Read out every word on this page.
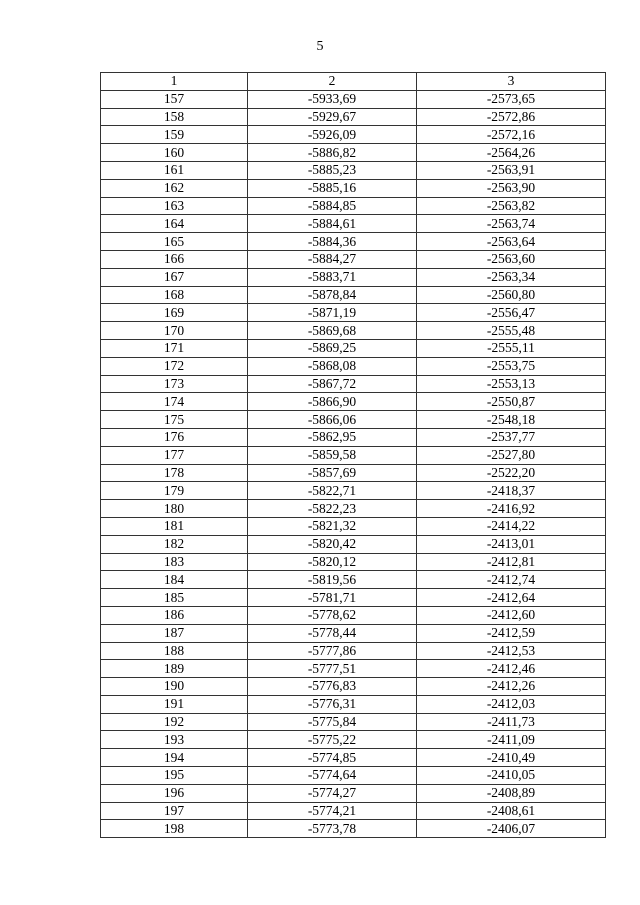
5
1	2	3
157	-5933,69	-2573,65
158	-5929,67	-2572,86
159	-5926,09	-2572,16
160	-5886,82	-2564,26
161	-5885,23	-2563,91
162	-5885,16	-2563,90
163	-5884,85	-2563,82
164	-5884,61	-2563,74
165	-5884,36	-2563,64
166	-5884,27	-2563,60
167	-5883,71	-2563,34
168	-5878,84	-2560,80
169	-5871,19	-2556,47
170	-5869,68	-2555,48
171	-5869,25	-2555,11
172	-5868,08	-2553,75
173	-5867,72	-2553,13
174	-5866,90	-2550,87
175	-5866,06	-2548,18
176	-5862,95	-2537,77
177	-5859,58	-2527,80
178	-5857,69	-2522,20
179	-5822,71	-2418,37
180	-5822,23	-2416,92
181	-5821,32	-2414,22
182	-5820,42	-2413,01
183	-5820,12	-2412,81
184	-5819,56	-2412,74
185	-5781,71	-2412,64
186	-5778,62	-2412,60
187	-5778,44	-2412,59
188	-5777,86	-2412,53
189	-5777,51	-2412,46
190	-5776,83	-2412,26
191	-5776,31	-2412,03
192	-5775,84	-2411,73
193	-5775,22	-2411,09
194	-5774,85	-2410,49
195	-5774,64	-2410,05
196	-5774,27	-2408,89
197	-5774,21	-2408,61
198	-5773,78	-2406,07
